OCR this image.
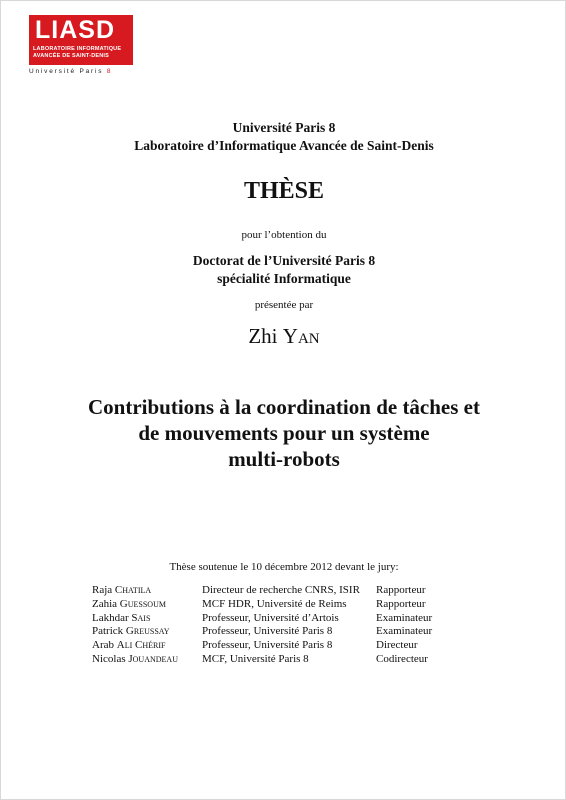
LIASD
LABORATOIRE INFORMATIQUE
AVANCÉE DE SAINT-DENIS
Université Paris 8
Université Paris 8
Laboratoire d’Informatique Avancée de Saint-Denis
THÈSE
pour l’obtention du
Doctorat de l’Université Paris 8
spécialité Informatique
présentée par
Zhi Yan
Contributions à la coordination de tâches et
de mouvements pour un système
multi-robots
Thèse soutenue le 10 décembre 2012 devant le jury:
Raja Chatila	Directeur de recherche CNRS, ISIR	Rapporteur
Zahia Guessoum	MCF HDR, Université de Reims	Rapporteur
Lakhdar Sais	Professeur, Université d’Artois	Examinateur
Patrick Greussay	Professeur, Université Paris 8	Examinateur
Arab Ali Chérif	Professeur, Université Paris 8	Directeur
Nicolas Jouandeau	MCF, Université Paris 8	Codirecteur
